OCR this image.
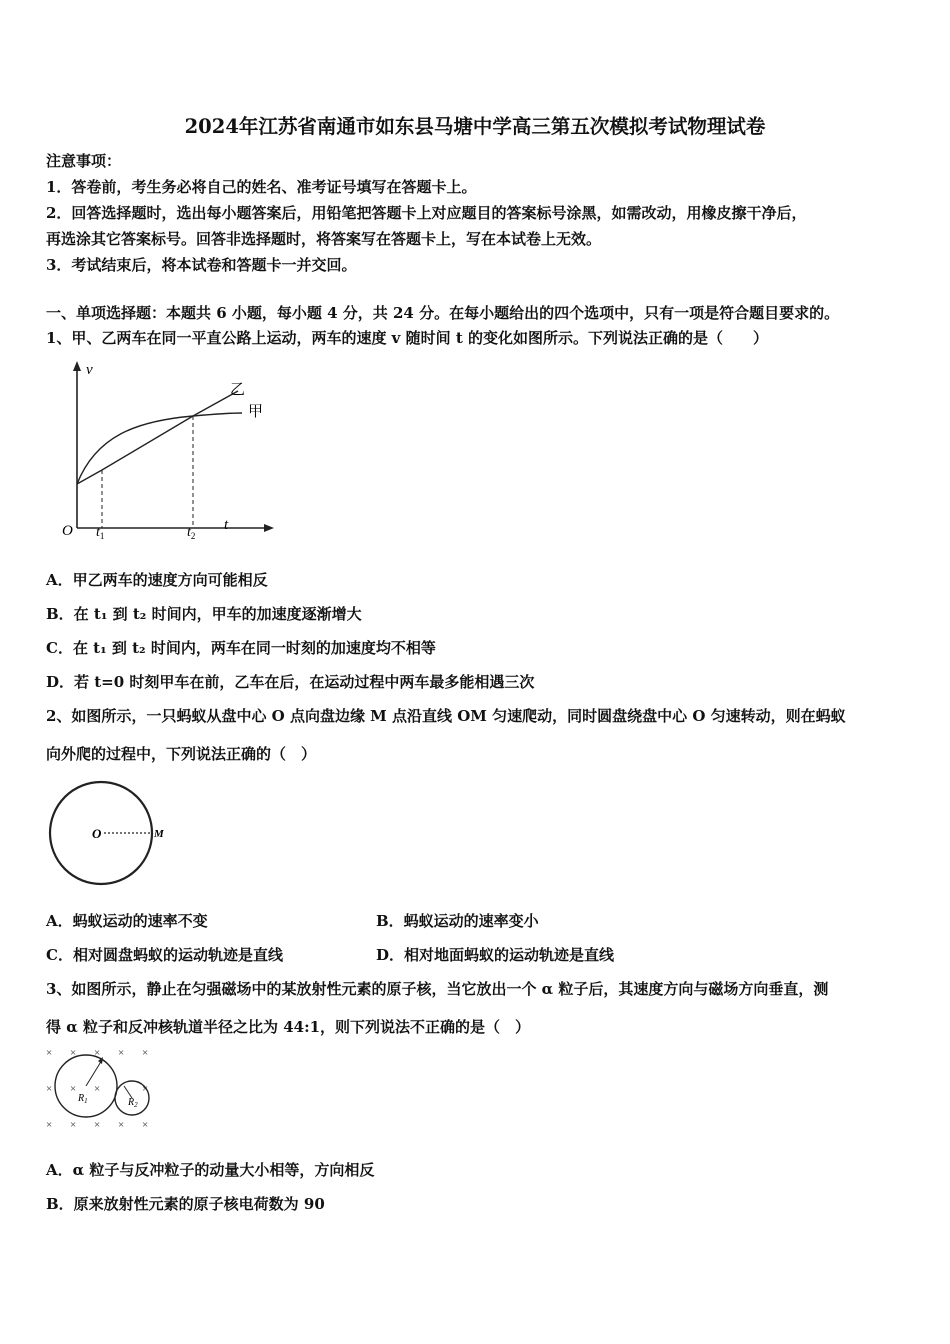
2024年江苏省南通市如东县马塘中学高三第五次模拟考试物理试卷
注意事项：
1．答卷前，考生务必将自己的姓名、准考证号填写在答题卡上。
2．回答选择题时，选出每小题答案后，用铅笔把答题卡上对应题目的答案标号涂黑，如需改动，用橡皮擦干净后，
再选涂其它答案标号。回答非选择题时，将答案写在答题卡上，写在本试卷上无效。
3．考试结束后，将本试卷和答题卡一并交回。
一、单项选择题：本题共 6 小题，每小题 4 分，共 24 分。在每小题给出的四个选项中，只有一项是符合题目要求的。
1、甲、乙两车在同一平直公路上运动，两车的速度 v 随时间 t 的变化如图所示。下列说法正确的是（　　）
v
t
O $t_1$	$t_2$
乙
甲
A．甲乙两车的速度方向可能相反
B．在 t₁ 到 t₂ 时间内，甲车的加速度逐渐增大
C．在 t₁ 到 t₂ 时间内，两车在同一时刻的加速度均不相等
D．若 t=0 时刻甲车在前，乙车在后，在运动过程中两车最多能相遇三次
2、如图所示，一只蚂蚁从盘中心 O 点向盘边缘 M 点沿直线 OM 匀速爬动，同时圆盘绕盘中心 O 匀速转动，则在蚂蚁
向外爬的过程中，下列说法正确的（　）
O	M
A．蚂蚁运动的速率不变	B．蚂蚁运动的速率变小
C．相对圆盘蚂蚁的运动轨迹是直线	D．相对地面蚂蚁的运动轨迹是直线
3、如图所示，静止在匀强磁场中的某放射性元素的原子核，当它放出一个 α 粒子后，其速度方向与磁场方向垂直，测
得 α 粒子和反冲核轨道半径之比为 44:1，则下列说法不正确的是（　）
× × × × ×
× × ×	×
× × × × ×
$R_1$	$R_2$
A．α 粒子与反冲粒子的动量大小相等，方向相反
B．原来放射性元素的原子核电荷数为 90
